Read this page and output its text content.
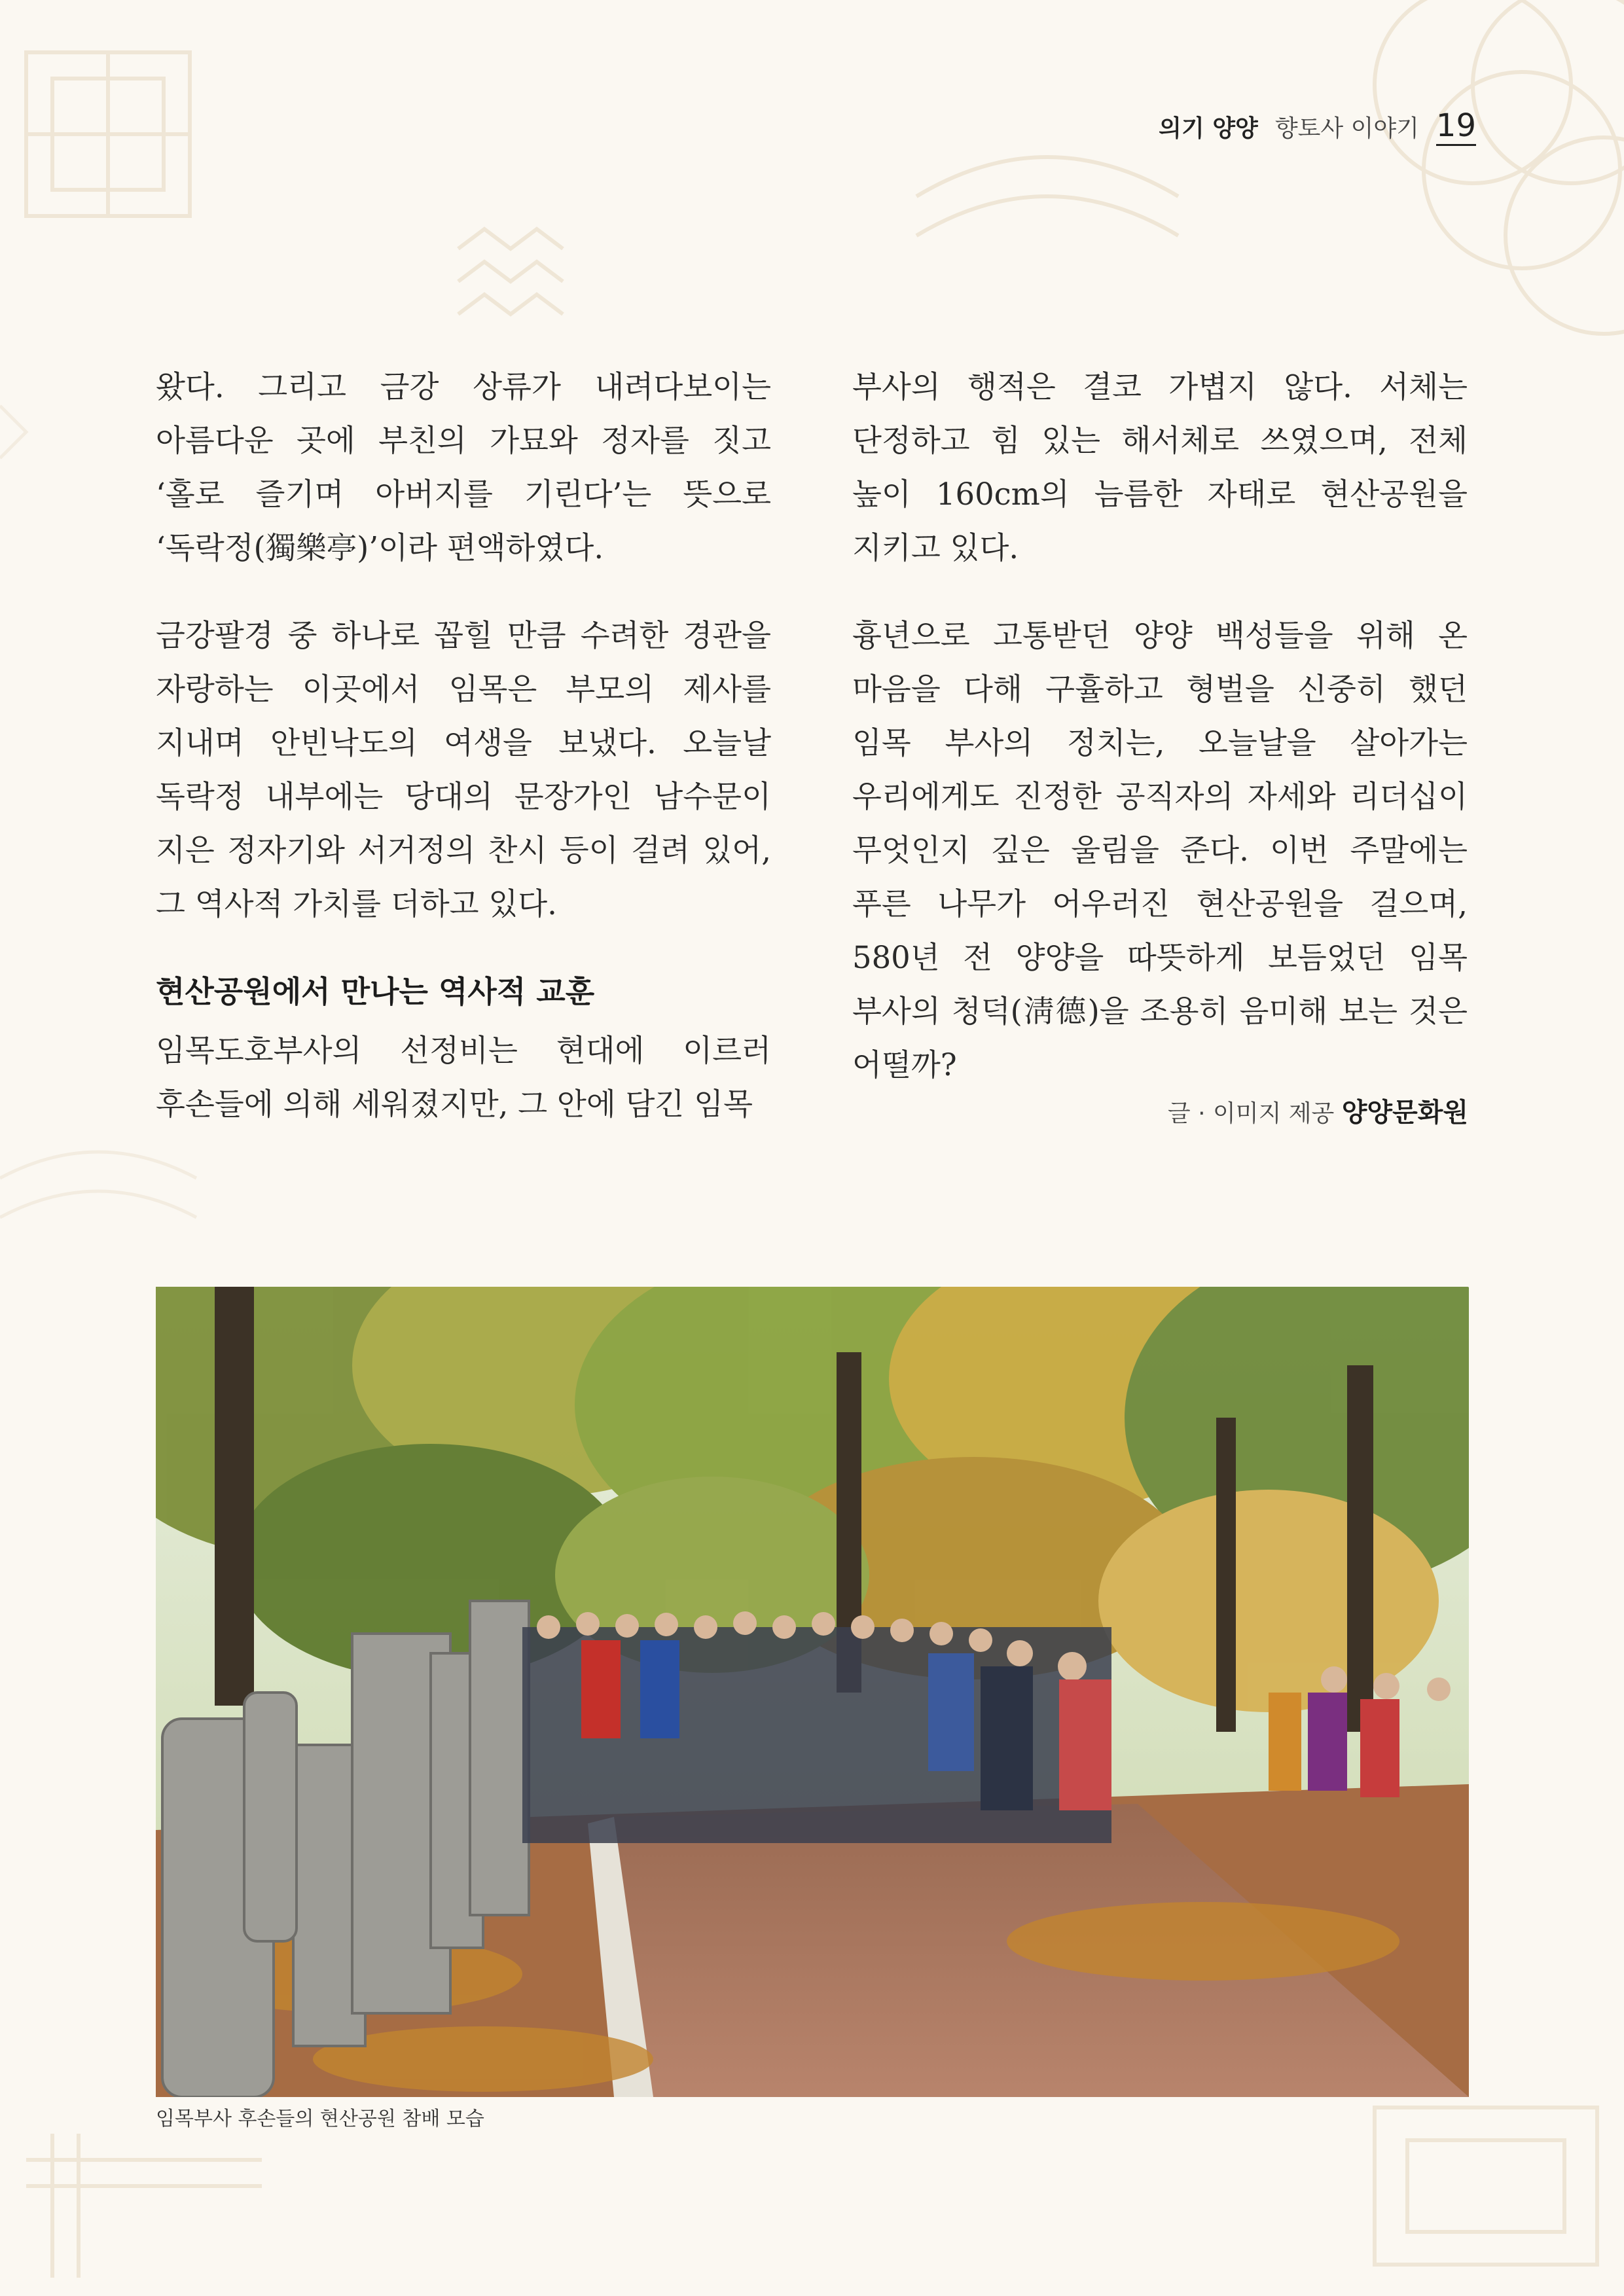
의기 양양 향토사 이야기 19

왔다. 그리고 금강 상류가 내려다보이는 아름다운 곳에 부친의 가묘와 정자를 짓고 ‘홀로 즐기며 아버지를 기린다’는 뜻으로 ‘독락정(獨樂亭)’이라 편액하였다.

금강팔경 중 하나로 꼽힐 만큼 수려한 경관을 자랑하는 이곳에서 임목은 부모의 제사를 지내며 안빈낙도의 여생을 보냈다. 오늘날 독락정 내부에는 당대의 문장가인 남수문이 지은 정자기와 서거정의 찬시 등이 걸려 있어, 그 역사적 가치를 더하고 있다.

현산공원에서 만나는 역사적 교훈

임목도호부사의 선정비는 현대에 이르러 후손들에 의해 세워졌지만, 그 안에 담긴 임목

부사의 행적은 결코 가볍지 않다. 서체는 단정하고 힘 있는 해서체로 쓰였으며, 전체 높이 160cm의 늠름한 자태로 현산공원을 지키고 있다.

흉년으로 고통받던 양양 백성들을 위해 온 마음을 다해 구휼하고 형벌을 신중히 했던 임목 부사의 정치는, 오늘날을 살아가는 우리에게도 진정한 공직자의 자세와 리더십이 무엇인지 깊은 울림을 준다. 이번 주말에는 푸른 나무가 어우러진 현산공원을 걸으며, 580년 전 양양을 따뜻하게 보듬었던 임목 부사의 청덕(淸德)을 조용히 음미해 보는 것은 어떨까?

글 · 이미지 제공 양양문화원
임목부사 후손들의 현산공원 참배 모습
